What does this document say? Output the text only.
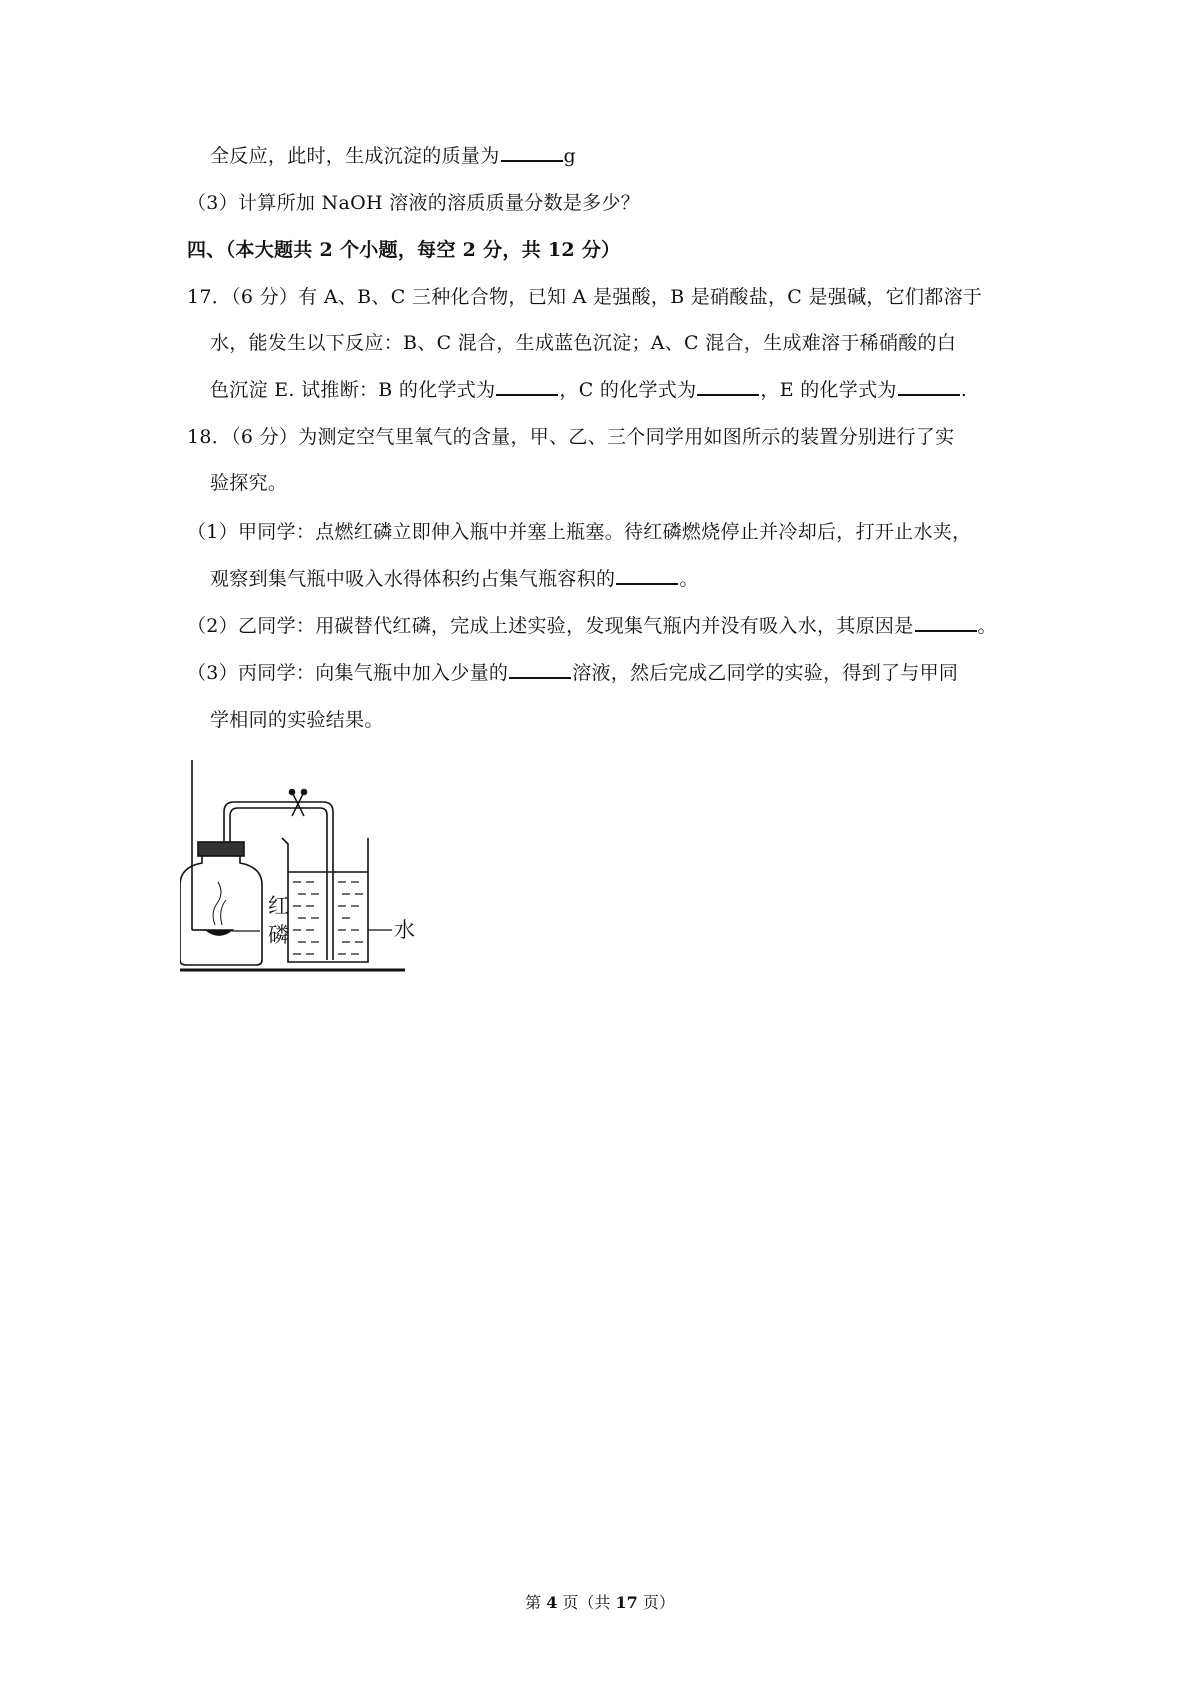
全反应，此时，生成沉淀的质量为	g
（3）计算所加 NaOH 溶液的溶质质量分数是多少？
四、（本大题共 2 个小题，每空 2 分，共 12 分）
17．（6 分）有 A、B、C 三种化合物，已知 A 是强酸，B 是硝酸盐，C 是强碱，它们都溶于
水，能发生以下反应：B、C 混合，生成蓝色沉淀；A、C 混合，生成难溶于稀硝酸的白
色沉淀 E. 试推断：B 的化学式为	，C 的化学式为	，E 的化学式为	.
18．（6 分）为测定空气里氧气的含量，甲、乙、三个同学用如图所示的装置分别进行了实
验探究。
（1）甲同学：点燃红磷立即伸入瓶中并塞上瓶塞。待红磷燃烧停止并冷却后，打开止水夹，
观察到集气瓶中吸入水得体积约占集气瓶容积的	。
（2）乙同学：用碳替代红磷，完成上述实验，发现集气瓶内并没有吸入水，其原因是	。
（3）丙同学：向集气瓶中加入少量的	溶液，然后完成乙同学的实验，得到了与甲同
学相同的实验结果。
红
磷	水
第 4 页（共 17 页）
